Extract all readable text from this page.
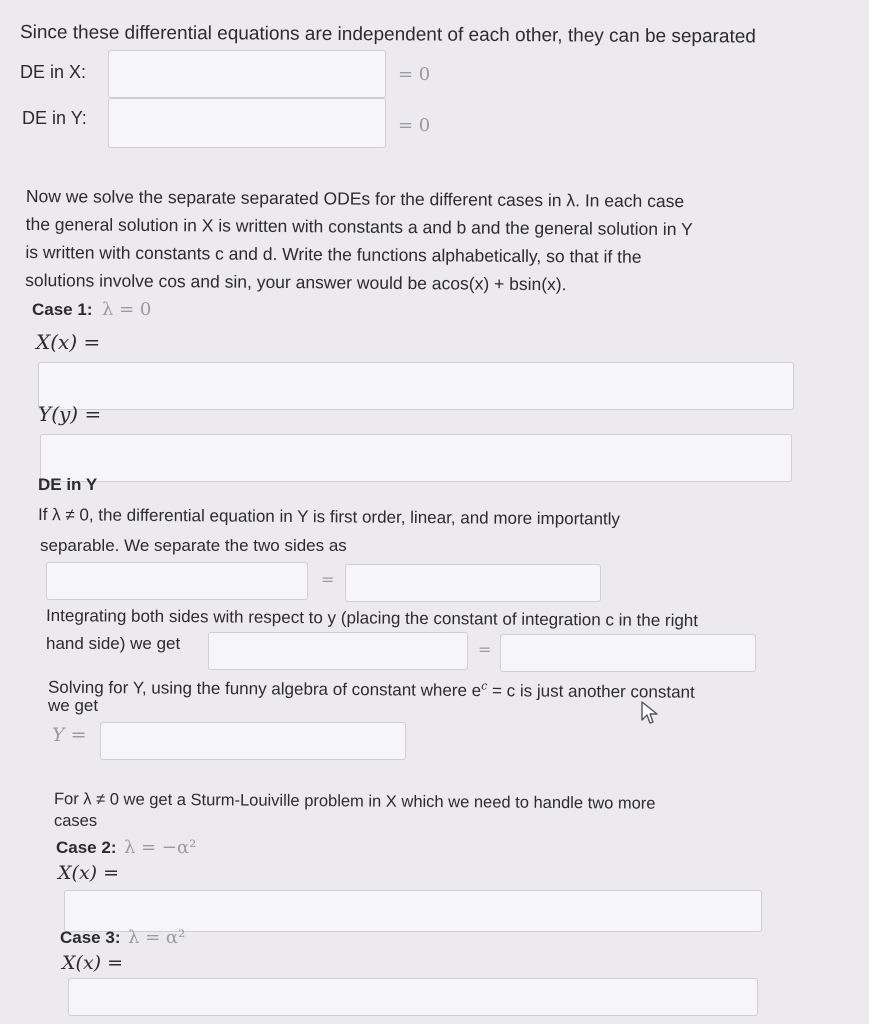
Since these differential equations are independent of each other, they can be separated
DE in X:	= 0
DE in Y:	= 0
Now we solve the separate separated ODEs for the different cases in λ. In each case
the general solution in X is written with constants a and b and the general solution in Y
is written with constants c and d. Write the functions alphabetically, so that if the
solutions involve cos and sin, your answer would be acos(x) + bsin(x).
Case 1: λ = 0
X(x) =
Y(y) =
DE in Y
If λ ≠ 0, the differential equation in Y is first order, linear, and more importantly
separable. We separate the two sides as
=
Integrating both sides with respect to y (placing the constant of integration c in the right
hand side) we get	=
Solving for Y, using the funny algebra of constant where $e^c = c$ is just another constant
we get
Y =
For λ ≠ 0 we get a Sturm-Louiville problem in X which we need to handle two more
cases
Case 2: λ = −α²
X(x) =
Case 3: λ = α²
X(x) =
